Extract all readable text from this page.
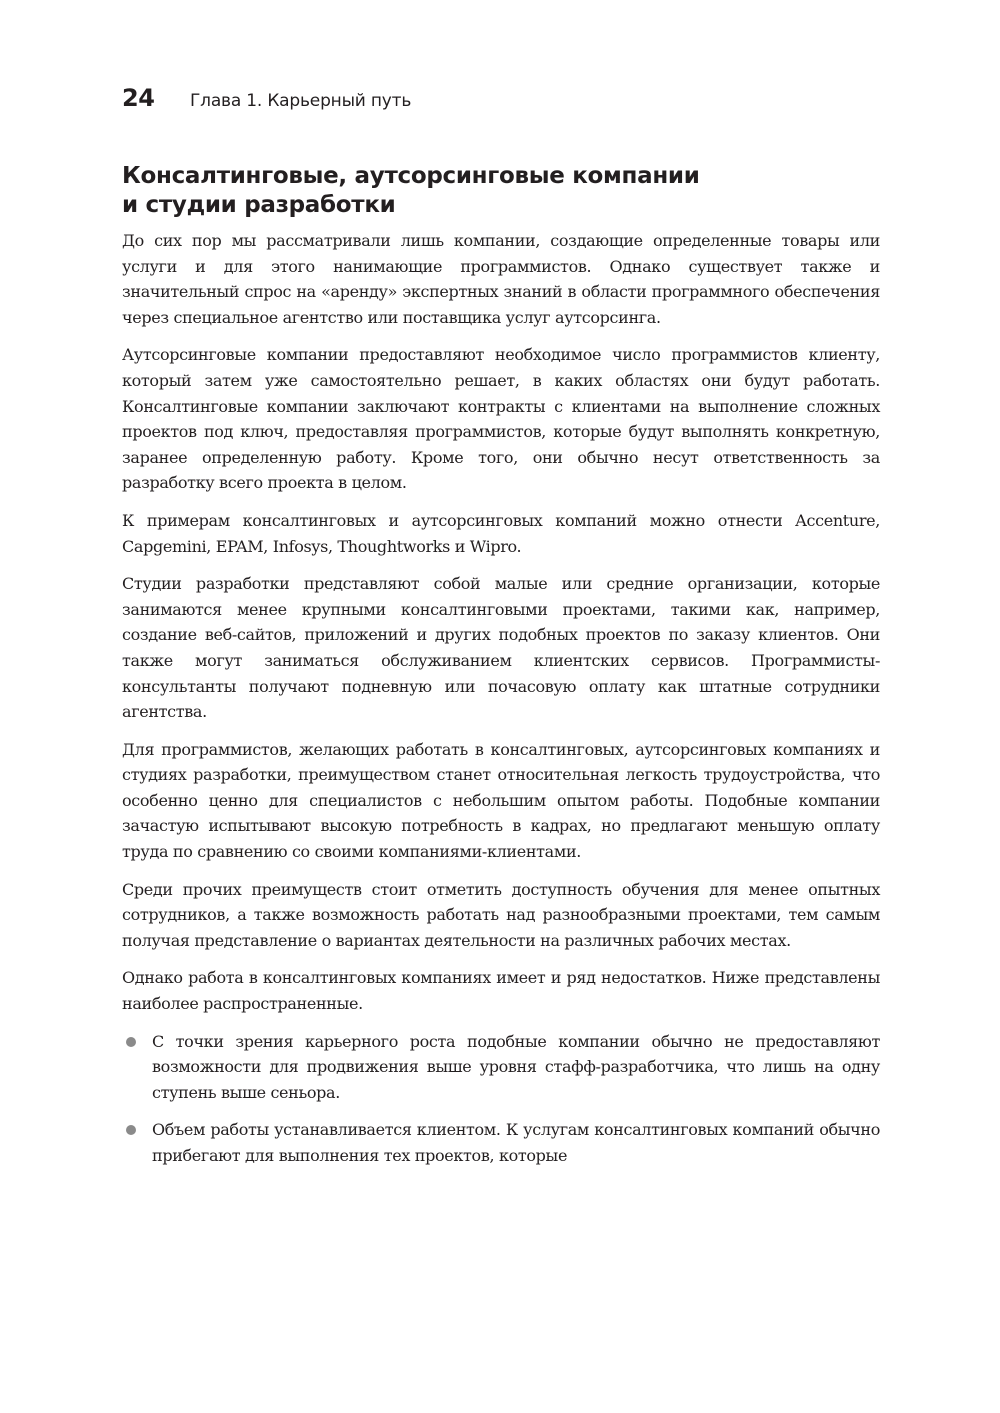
24	Глава 1. Карьерный путь
Консалтинговые, аутсорсинговые компании
и студии разработки

До сих пор мы рассматривали лишь компании, создающие определенные товары или услуги и для этого нанимающие программистов. Однако существует также и значительный спрос на «аренду» экспертных знаний в области программного обеспечения через специальное агентство или поставщика услуг аутсорсинга.

Аутсорсинговые компании предоставляют необходимое число программистов клиенту, который затем уже самостоятельно решает, в каких областях они будут работать. Консалтинговые компании заключают контракты с клиентами на выполнение сложных проектов под ключ, предоставляя программистов, которые будут выполнять конкретную, заранее определенную работу. Кроме того, они обычно несут ответственность за разработку всего проекта в целом.

К примерам консалтинговых и аутсорсинговых компаний можно отнести Accenture, Capgemini, EPAM, Infosys, Thoughtworks и Wipro.

Студии разработки представляют собой малые или средние организации, которые занимаются менее крупными консалтинговыми проектами, такими как, например, создание веб-сайтов, приложений и других подобных проектов по заказу клиентов. Они также могут заниматься обслуживанием клиентских сервисов. Программисты-консультанты получают подневную или почасовую оплату как штатные сотрудники агентства.

Для программистов, желающих работать в консалтинговых, аутсорсинговых компаниях и студиях разработки, преимуществом станет относительная легкость трудоустройства, что особенно ценно для специалистов с небольшим опытом работы. Подобные компании зачастую испытывают высокую потребность в кадрах, но предлагают меньшую оплату труда по сравнению со своими компаниями-клиентами.

Среди прочих преимуществ стоит отметить доступность обучения для менее опытных сотрудников, а также возможность работать над разнообразными проектами, тем самым получая представление о вариантах деятельности на различных рабочих местах.

Однако работа в консалтинговых компаниях имеет и ряд недостатков. Ниже представлены наиболее распространенные.

С точки зрения карьерного роста подобные компании обычно не предоставляют возможности для продвижения выше уровня стафф-разработчика, что лишь на одну ступень выше сеньора.

Объем работы устанавливается клиентом. К услугам консалтинговых компаний обычно прибегают для выполнения тех проектов, которые
